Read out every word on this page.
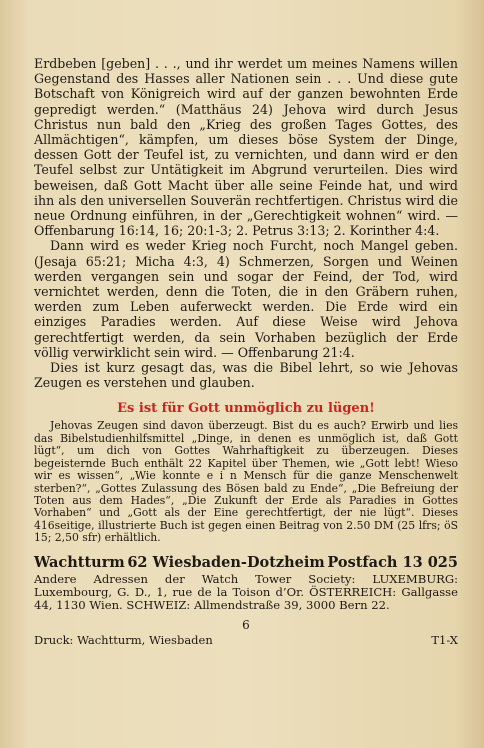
Erdbeben [geben] . . ., und ihr werdet um meines Namens willen Gegenstand des Hasses aller Nationen sein . . . Und diese gute Botschaft von Königreich wird auf der ganzen bewohnten Erde gepredigt werden.“ (Matthäus 24) Jehova wird durch Jesus Christus nun bald den „Krieg des großen Tages Gottes, des Allmächtigen“, kämpfen, um dieses böse System der Dinge, dessen Gott der Teufel ist, zu vernichten, und dann wird er den Teufel selbst zur Untätigkeit im Abgrund verurteilen. Dies wird beweisen, daß Gott Macht über alle seine Feinde hat, und wird ihn als den universellen Souverän rechtfertigen. Christus wird die neue Ordnung einführen, in der „Gerechtigkeit wohnen“ wird. — Offenbarung 16:14, 16; 20:1-3; 2. Petrus 3:13; 2. Korinther 4:4.

Dann wird es weder Krieg noch Furcht, noch Mangel geben. (Jesaja 65:21; Micha 4:3, 4) Schmerzen, Sorgen und Weinen werden vergangen sein und sogar der Feind, der Tod, wird vernichtet werden, denn die Toten, die in den Gräbern ruhen, werden zum Leben auferweckt werden. Die Erde wird ein einziges Paradies werden. Auf diese Weise wird Jehova gerechtfertigt werden, da sein Vorhaben bezüglich der Erde völlig verwirklicht sein wird. — Offenbarung 21:4.

Dies ist kurz gesagt das, was die Bibel lehrt, so wie Jehovas Zeugen es verstehen und glauben.

Es ist für Gott unmöglich zu lügen!

Jehovas Zeugen sind davon überzeugt. Bist du es auch? Erwirb und lies das Bibelstudienhilfsmittel „Dinge, in denen es unmöglich ist, daß Gott lügt“, um dich von Gottes Wahrhaftigkeit zu überzeugen. Dieses begeisternde Buch enthält 22 Kapitel über Themen, wie „Gott lebt! Wieso wir es wissen“, „Wie konnte e i n Mensch für die ganze Menschenwelt sterben?“, „Gottes Zulassung des Bösen bald zu Ende“, „Die Befreiung der Toten aus dem Hades“, „Die Zukunft der Erde als Paradies in Gottes Vorhaben“ und „Gott als der Eine gerechtfertigt, der nie lügt“. Dieses 416seitige, illustrierte Buch ist gegen einen Beitrag von 2.50 DM (25 lfrs; öS 15; 2,50 sfr) erhältlich.

Wachtturm 62 Wiesbaden-Dotzheim Postfach 13 025

Andere Adressen der Watch Tower Society: LUXEMBURG: Luxembourg, G. D., 1, rue de la Toison d’Or. ÖSTERREICH: Gallgasse 44, 1130 Wien. SCHWEIZ: Allmendstraße 39, 3000 Bern 22.

6
Druck: Wachtturm, Wiesbaden	T1-X
